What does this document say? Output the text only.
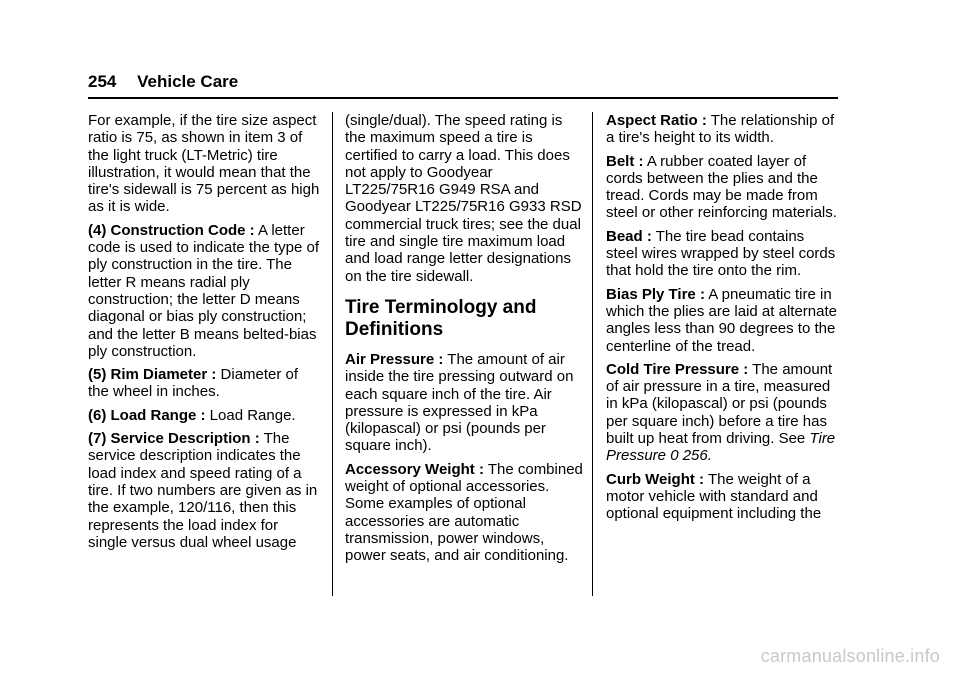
254 Vehicle Care

For example, if the tire size aspect ratio is 75, as shown in item 3 of the light truck (LT-Metric) tire illustration, it would mean that the tire's sidewall is 75 percent as high as it is wide.

(4) Construction Code : A letter code is used to indicate the type of ply construction in the tire. The letter R means radial ply construction; the letter D means diagonal or bias ply construction; and the letter B means belted-bias ply construction.

(5) Rim Diameter : Diameter of the wheel in inches.

(6) Load Range : Load Range.

(7) Service Description : The service description indicates the load index and speed rating of a tire. If two numbers are given as in the example, 120/116, then this represents the load index for single versus dual wheel usage

(single/dual). The speed rating is the maximum speed a tire is certified to carry a load. This does not apply to Goodyear LT225/75R16 G949 RSA and Goodyear LT225/75R16 G933 RSD commercial truck tires; see the dual tire and single tire maximum load and load range letter designations on the tire sidewall.

Tire Terminology and Definitions

Air Pressure : The amount of air inside the tire pressing outward on each square inch of the tire. Air pressure is expressed in kPa (kilopascal) or psi (pounds per square inch).

Accessory Weight : The combined weight of optional accessories. Some examples of optional accessories are automatic transmission, power windows, power seats, and air conditioning.

Aspect Ratio : The relationship of a tire's height to its width.

Belt : A rubber coated layer of cords between the plies and the tread. Cords may be made from steel or other reinforcing materials.

Bead : The tire bead contains steel wires wrapped by steel cords that hold the tire onto the rim.

Bias Ply Tire : A pneumatic tire in which the plies are laid at alternate angles less than 90 degrees to the centerline of the tread.

Cold Tire Pressure : The amount of air pressure in a tire, measured in kPa (kilopascal) or psi (pounds per square inch) before a tire has built up heat from driving. See Tire Pressure 0 256.

Curb Weight : The weight of a motor vehicle with standard and optional equipment including the

carmanualsonline.info
